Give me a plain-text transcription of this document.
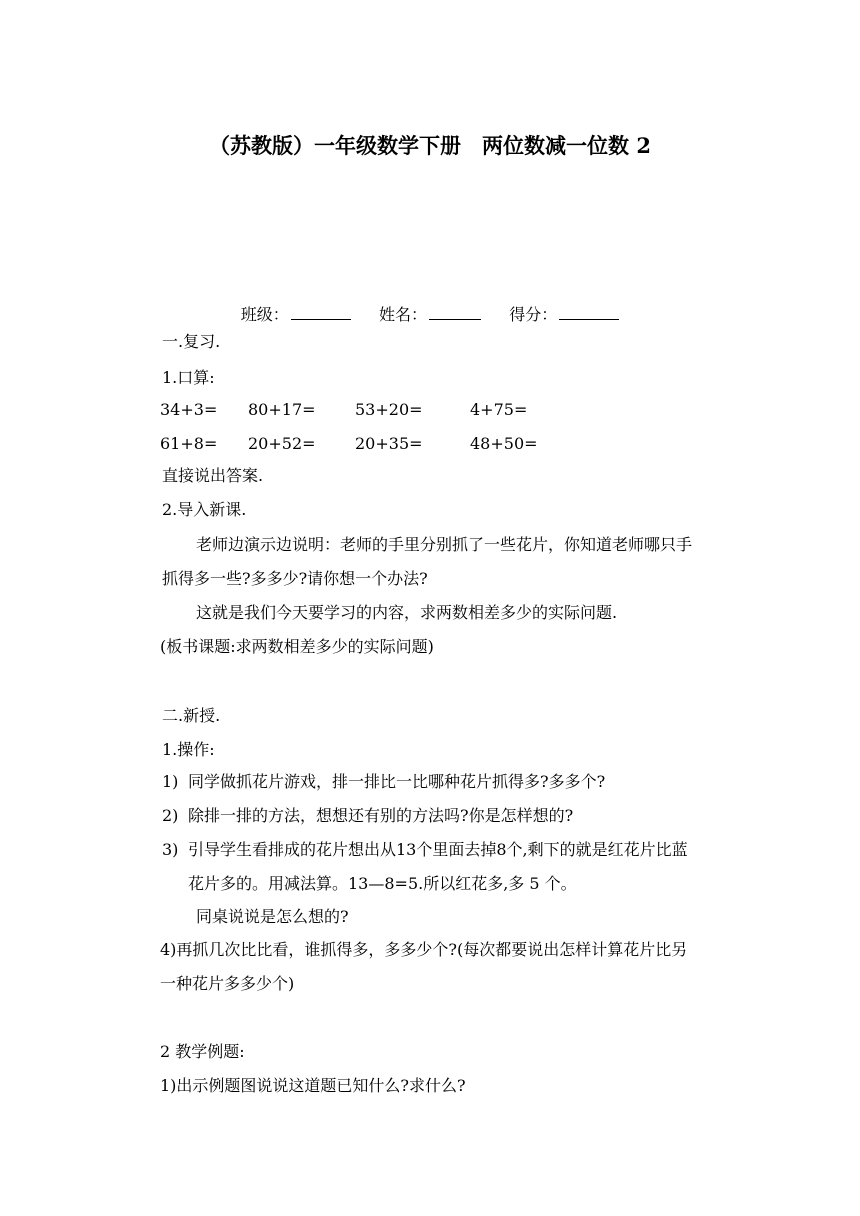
（苏教版）一年级数学下册　两位数减一位数 2
班级：	姓名：	得分：
一.复习.
1.口算:
34+3= 80+17= 53+20=	4+75=
61+8= 20+52= 20+35=	48+50=
直接说出答案.
2.导入新课.
老师边演示边说明：老师的手里分别抓了一些花片，你知道老师哪只手
抓得多一些?多多少?请你想一个办法?
这就是我们今天要学习的内容，求两数相差多少的实际问题.
(板书课题:求两数相差多少的实际问题)
二.新授.
1.操作:
1) 同学做抓花片游戏，排一排比一比哪种花片抓得多?多多个?
2) 除排一排的方法，想想还有别的方法吗?你是怎样想的?
3) 引导学生看排成的花片想出从13个里面去掉8个,剩下的就是红花片比蓝
花片多的。用减法算。13—8=5.所以红花多,多 5 个。
同桌说说是怎么想的?
4)再抓几次比比看，谁抓得多，多多少个?(每次都要说出怎样计算花片比另
一种花片多多少个)
2 教学例题:
1)出示例题图说说这道题已知什么?求什么?
